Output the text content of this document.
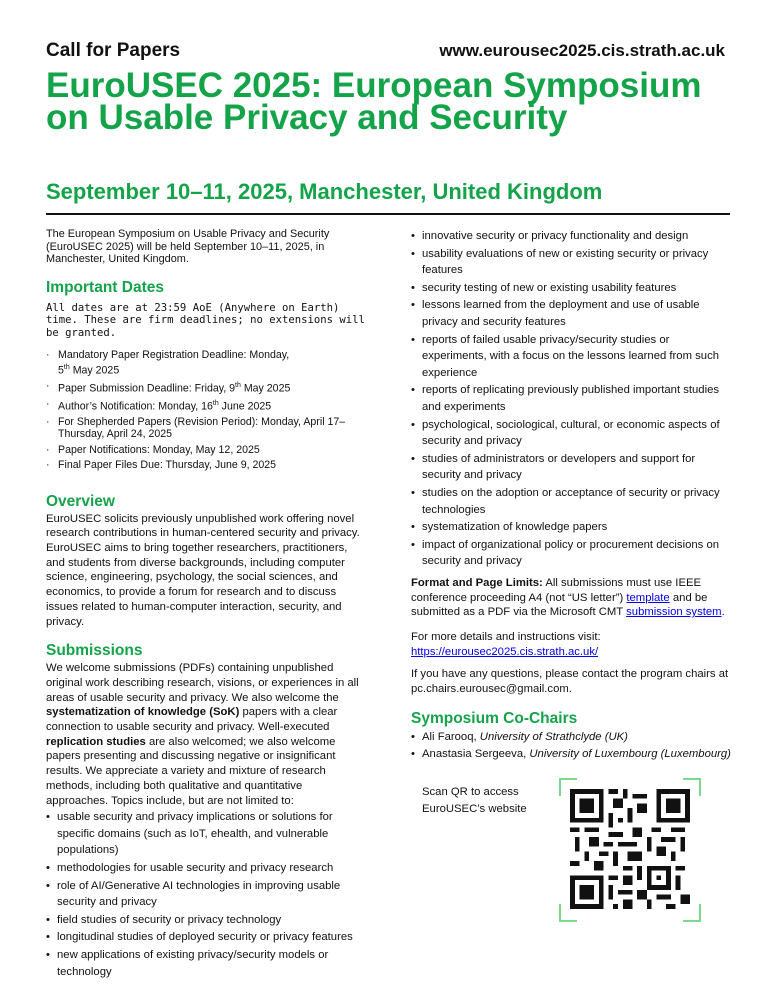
Call for Papers	www.eurousec2025.cis.strath.ac.uk
EuroUSEC 2025: European Symposium on Usable Privacy and Security
September 10–11, 2025, Manchester, United Kingdom

The European Symposium on Usable Privacy and Security (EuroUSEC 2025) will be held September 10–11, 2025, in Manchester, United Kingdom.

Important Dates

All dates are at 23:59 AoE (Anywhere on Earth) time. These are firm deadlines; no extensions will be granted.

· Mandatory Paper Registration Deadline: Monday,
5th May 2025
· Paper Submission Deadline: Friday, 9th May 2025
· Author’s Notification: Monday, 16th June 2025
· For Shepherded Papers (Revision Period): Monday, April 17–Thursday, April 24, 2025
· Paper Notifications: Monday, May 12, 2025
· Final Paper Files Due: Thursday, June 9, 2025
Overview

EuroUSEC solicits previously unpublished work offering novel research contributions in human-centered security and privacy. EuroUSEC aims to bring together researchers, practitioners, and students from diverse backgrounds, including computer science, engineering, psychology, the social sciences, and economics, to provide a forum for research and to discuss issues related to human-computer interaction, security, and privacy.

Submissions

We welcome submissions (PDFs) containing unpublished original work describing research, visions, or experiences in all areas of usable security and privacy. We also welcome the systematization of knowledge (SoK) papers with a clear connection to usable security and privacy. Well-executed replication studies are also welcomed; we also welcome papers presenting and discussing negative or insignificant results. We appreciate a variety and mixture of research methods, including both qualitative and quantitative approaches. Topics include, but are not limited to:

• usable security and privacy implications or solutions for specific domains (such as IoT, ehealth, and vulnerable populations)
• methodologies for usable security and privacy research
• role of AI/Generative AI technologies in improving usable security and privacy
• field studies of security or privacy technology
• longitudinal studies of deployed security or privacy features
• new applications of existing privacy/security models or technology
• innovative security or privacy functionality and design
• usability evaluations of new or existing security or privacy features
• security testing of new or existing usability features
• lessons learned from the deployment and use of usable privacy and security features
• reports of failed usable privacy/security studies or experiments, with a focus on the lessons learned from such experience
• reports of replicating previously published important studies and experiments
• psychological, sociological, cultural, or economic aspects of security and privacy
• studies of administrators or developers and support for security and privacy
• studies on the adoption or acceptance of security or privacy technologies
• systematization of knowledge papers
• impact of organizational policy or procurement decisions on security and privacy

Format and Page Limits: All submissions must use IEEE conference proceeding A4 (not “US letter”) template and be submitted as a PDF via the Microsoft CMT submission system.

For more details and instructions visit:

https://eurousec2025.cis.strath.ac.uk/

If you have any questions, please contact the program chairs at pc.chairs.eurousec@gmail.com.

Symposium Co-Chairs
• Ali Farooq, University of Strathclyde (UK)
• Anastasia Sergeeva, University of Luxembourg (Luxembourg)
Scan QR to access EuroUSEC’s website
